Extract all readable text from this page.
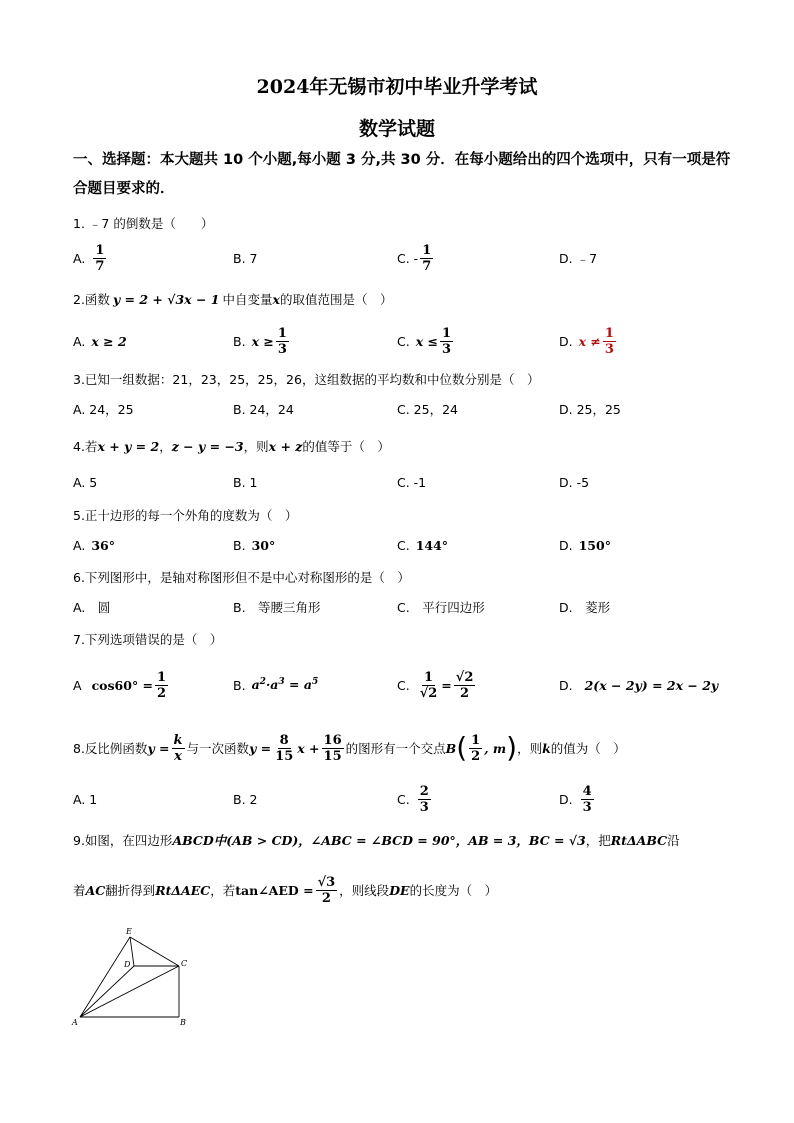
2024年无锡市初中毕业升学考试
数学试题
一、选择题：本大题共 10 个小题,每小题 3 分,共 30 分．在每小题给出的四个选项中，只有一项是符合题目要求的．
1. ﹣7 的倒数是（　　）
A. $\frac{1}{7}$	B. 7	C. - $\frac{1}{7}$	D. ﹣7
2.函数 y = 2 + √3x − 1 中自变量 x 的取值范围是（　）
A. x ≥ 2	B. $x \ge \frac{1}{3}$	C. $x \le \frac{1}{3}$	D. $x \ne \frac{1}{3}$
3.已知一组数据：21，23，25，25，26，这组数据的平均数和中位数分别是（　）
A. 24，25	B. 24，24	C. 25，24	D. 25，25
4.若 x + y = 2 ， z − y = −3 ，则 x + z 的值等于（　）
A. 5	B. 1	C. -1	D. -5
5.正十边形的每一个外角的度数为（　）
A. 36°	B. 30°	C. 144°	D. 150°
6.下列图形中，是轴对称图形但不是中心对称图形的是（　）
A.　圆	B.　等腰三角形	C.　平行四边形	D.　菱形
7.下列选项错误的是（　）
A $\cos 60^\circ = \frac{1}{2}$	B. $a^2\cdot a^3 = a^5$	C. $\frac{1}{√2} = \frac{√2}{2}$	D. 2(x − 2y) = 2x − 2y
8.反比例函数 $y = \frac{k}{x}$ 与一次函数 $y = \frac{8}{15}$ $x + \frac{16}{15}$ 的图形有一个交点 B ( $\frac{1}{2}$ , m ) ，则 k 的值为（　）
A. 1	B. 2	C. $\frac{2}{3}$	D. $\frac{4}{3}$
9.如图，在四边形 ABCD 中(AB > CD)， ∠ABC = ∠BCD = 90° ，AB = 3， BC = √3 ，把 RtΔABC 沿
着 AC 翻折得到 RtΔAEC ，若 tan∠AED = $\frac{√3}{2}$ ，则线段 DE 的长度为（　）
E
D	C
A	B
